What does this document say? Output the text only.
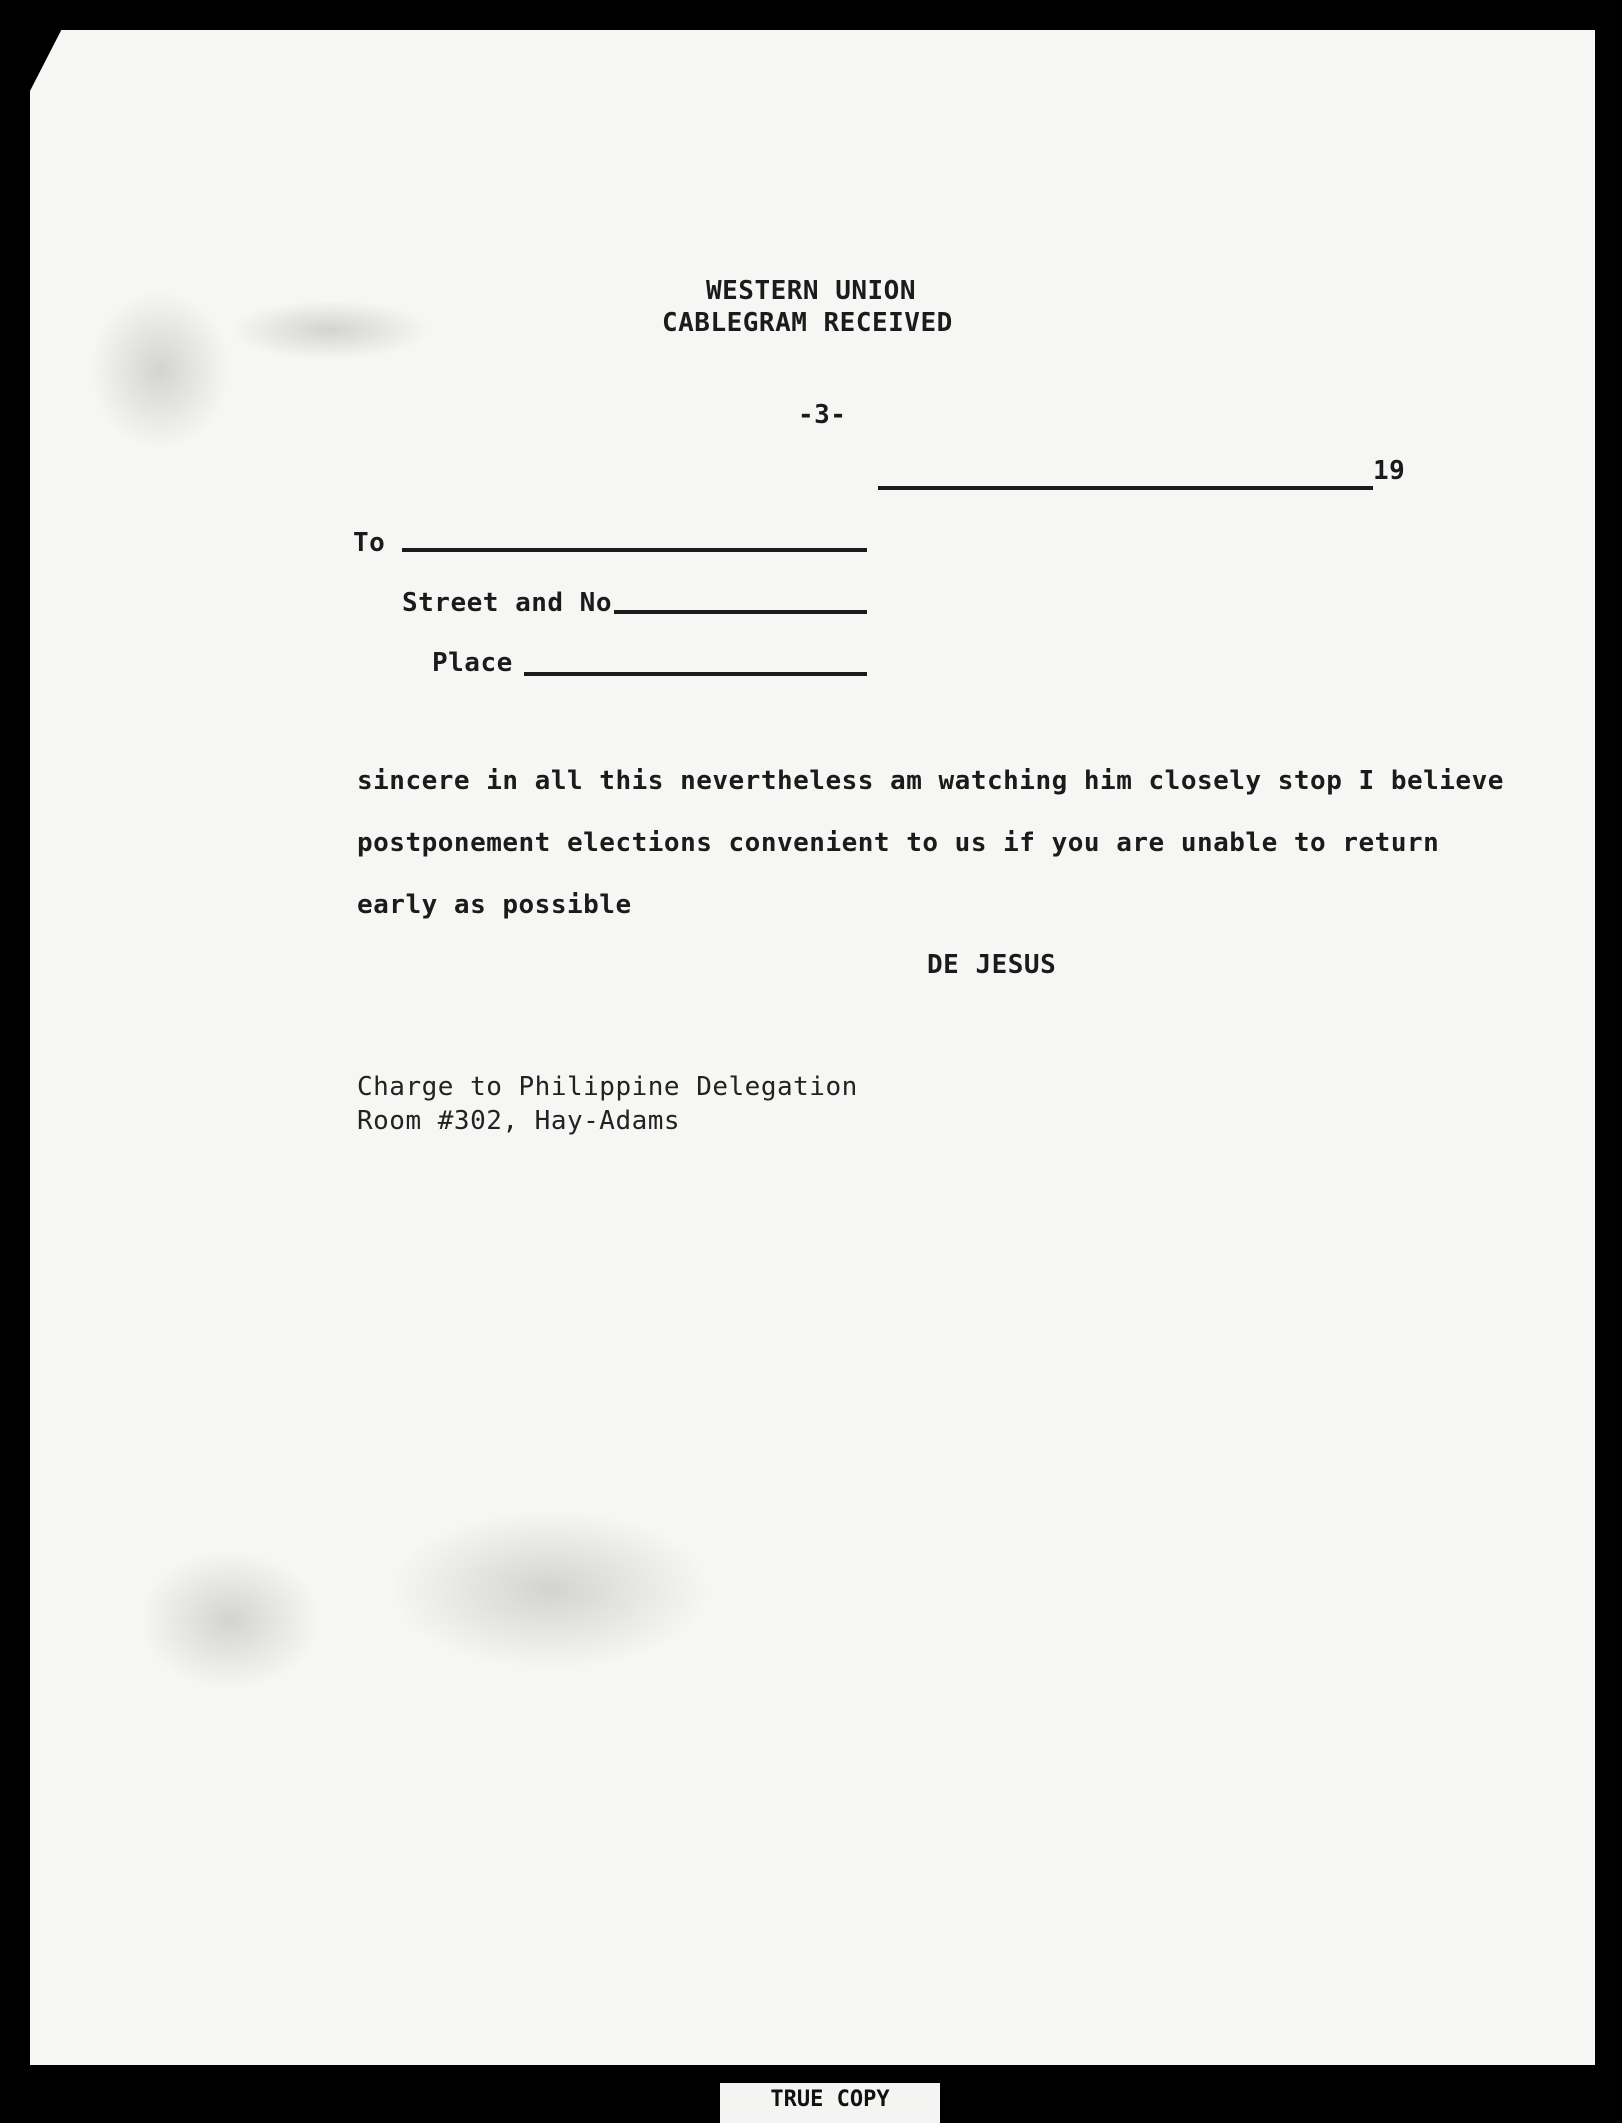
WESTERN UNION
CABLEGRAM RECEIVED
-3-
19
To
Street and No
Place
sincere in all this nevertheless am watching him closely stop I believe
postponement elections convenient to us if you are unable to return
early as possible
DE JESUS
Charge to Philippine Delegation
Room #302, Hay-Adams
TRUE COPY
